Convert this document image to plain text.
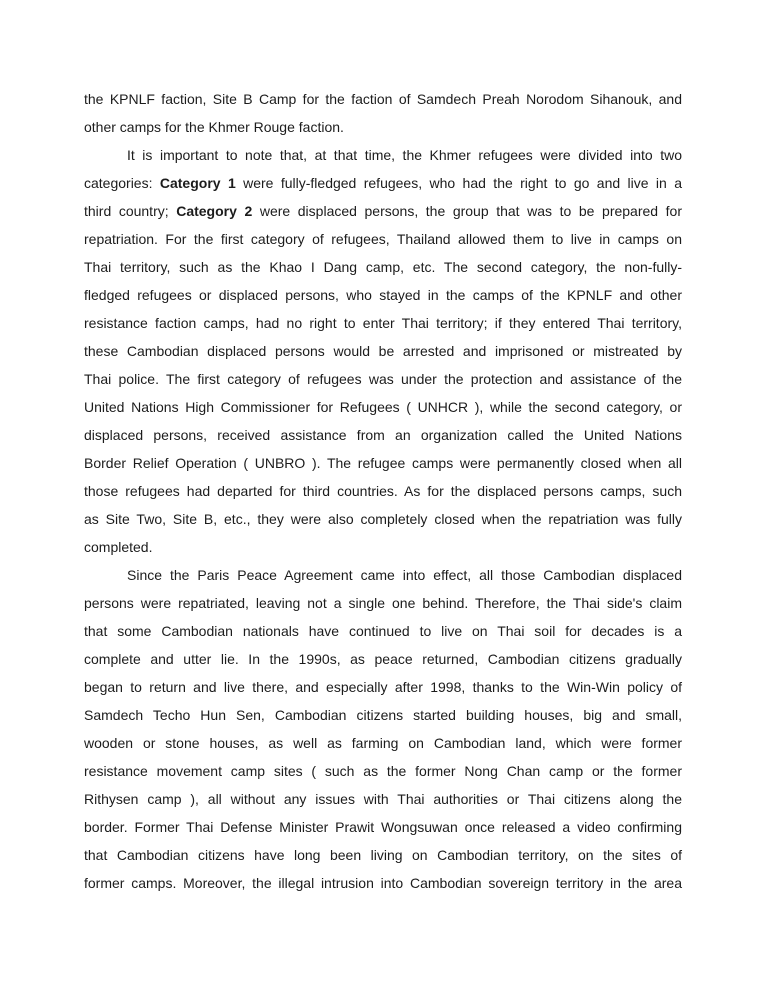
the KPNLF faction, Site B Camp for the faction of Samdech Preah Norodom Sihanouk, and
other camps for the Khmer Rouge faction.
It is important to note that, at that time, the Khmer refugees were divided into two
categories: Category 1 were fully-fledged refugees, who had the right to go and live in a
third country; Category 2 were displaced persons, the group that was to be prepared for
repatriation. For the first category of refugees, Thailand allowed them to live in camps on
Thai territory, such as the Khao I Dang camp, etc. The second category, the non-fully-
fledged refugees or displaced persons, who stayed in the camps of the KPNLF and other
resistance faction camps, had no right to enter Thai territory; if they entered Thai territory,
these Cambodian displaced persons would be arrested and imprisoned or mistreated by
Thai police. The first category of refugees was under the protection and assistance of the
United Nations High Commissioner for Refugees ( UNHCR ), while the second category, or
displaced persons, received assistance from an organization called the United Nations
Border Relief Operation ( UNBRO ). The refugee camps were permanently closed when all
those refugees had departed for third countries. As for the displaced persons camps, such
as Site Two, Site B, etc., they were also completely closed when the repatriation was fully
completed.
Since the Paris Peace Agreement came into effect, all those Cambodian displaced
persons were repatriated, leaving not a single one behind. Therefore, the Thai side's claim
that some Cambodian nationals have continued to live on Thai soil for decades is a
complete and utter lie. In the 1990s, as peace returned, Cambodian citizens gradually
began to return and live there, and especially after 1998, thanks to the Win-Win policy of
Samdech Techo Hun Sen, Cambodian citizens started building houses, big and small,
wooden or stone houses, as well as farming on Cambodian land, which were former
resistance movement camp sites ( such as the former Nong Chan camp or the former
Rithysen camp ), all without any issues with Thai authorities or Thai citizens along the
border. Former Thai Defense Minister Prawit Wongsuwan once released a video confirming
that Cambodian citizens have long been living on Cambodian territory, on the sites of
former camps. Moreover, the illegal intrusion into Cambodian sovereign territory in the area
